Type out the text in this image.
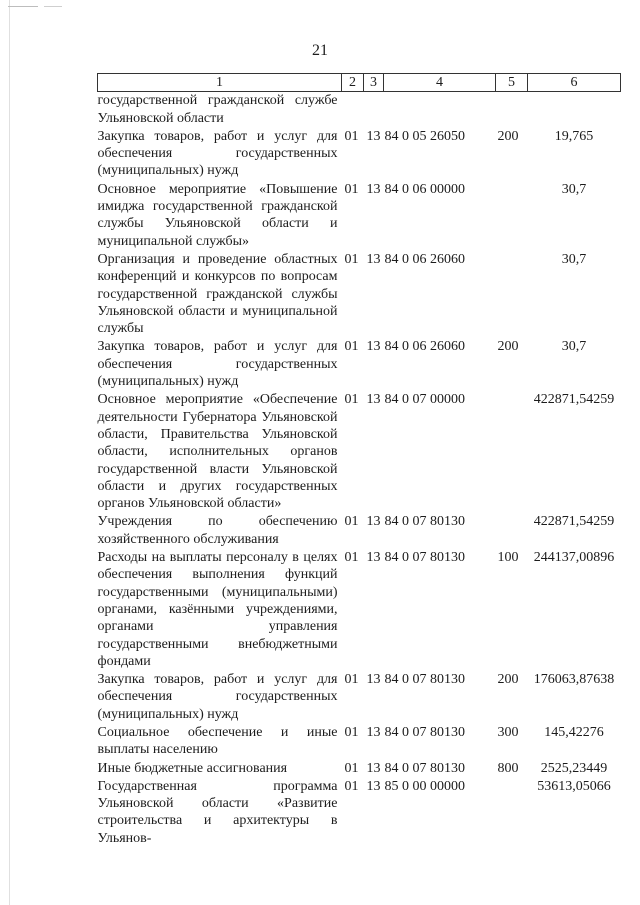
21
1	2	3	4	5	6
государственной гражданской службе Ульяновской области					
Закупка товаров, работ и услуг для обеспечения государственных (муниципальных) нужд	01	13	84 0 05 26050	200	19,765
Основное мероприятие «Повышение имиджа государственной гражданской службы Ульяновской области и муниципальной службы»	01	13	84 0 06 00000		30,7
Организация и проведение областных конференций и конкурсов по вопросам государственной гражданской службы Ульяновской области и муниципальной службы	01	13	84 0 06 26060		30,7
Закупка товаров, работ и услуг для обеспечения государственных (муниципальных) нужд	01	13	84 0 06 26060	200	30,7
Основное мероприятие «Обеспечение деятельности Губернатора Ульяновской области, Правительства Ульяновской области, исполнительных органов государственной власти Ульяновской области и других государственных органов Ульяновской области»	01	13	84 0 07 00000		422871,54259
Учреждения по обеспечению хозяйственного обслуживания	01	13	84 0 07 80130		422871,54259
Расходы на выплаты персоналу в целях обеспечения выполнения функций государственными (муниципальными) органами, казёнными учреждениями, органами управления государственными внебюджетными фондами	01	13	84 0 07 80130	100	244137,00896
Закупка товаров, работ и услуг для обеспечения государственных (муниципальных) нужд	01	13	84 0 07 80130	200	176063,87638
Социальное обеспечение и иные выплаты населению	01	13	84 0 07 80130	300	145,42276
Иные бюджетные ассигнования	01	13	84 0 07 80130	800	2525,23449
Государственная программа Ульяновской области «Развитие строительства и архитектуры в Ульянов-	01	13	85 0 00 00000		53613,05066
